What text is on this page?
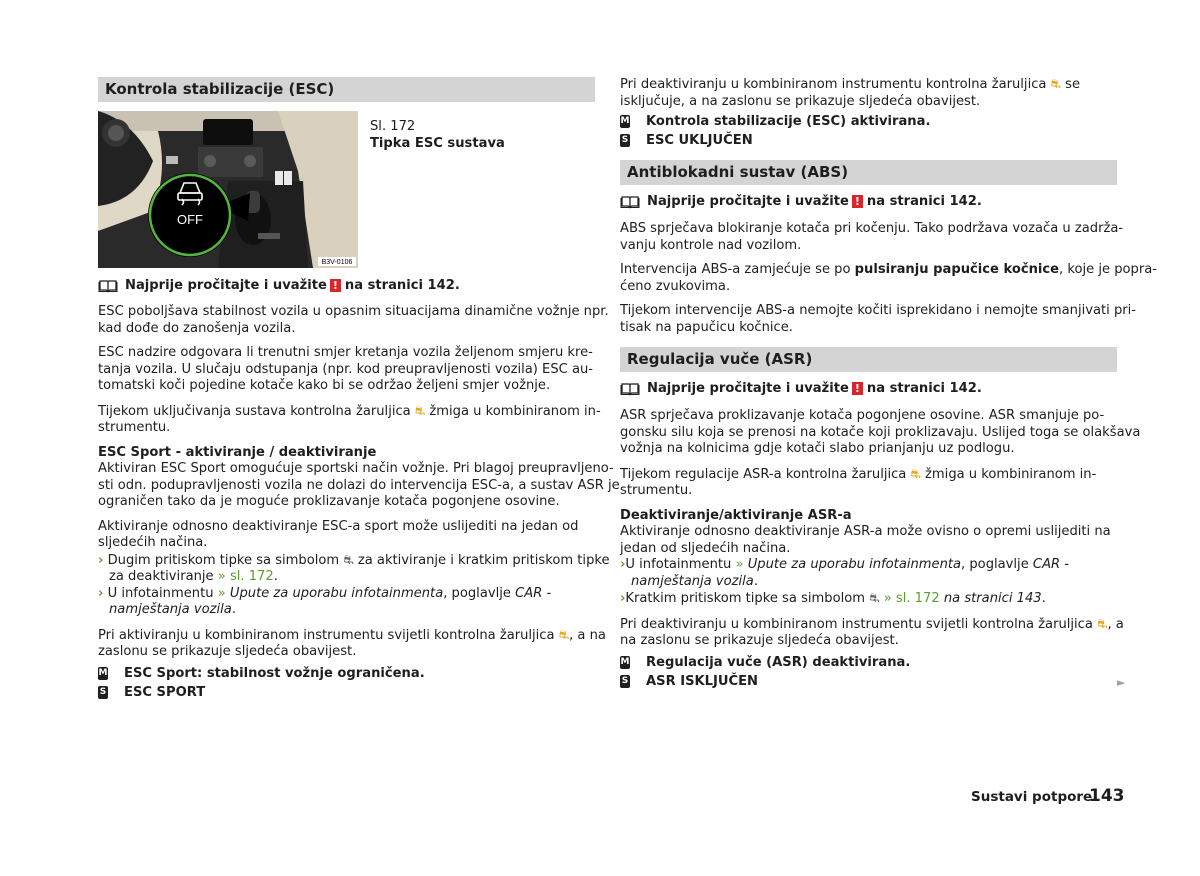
Kontrola stabilizacije (ESC)
OFF
B3V-0106

Sl. 172

Tipka ESC sustava

Najprije pročitajte i uvažite ! na stranici 142.

ESC poboljšava stabilnost vozila u opasnim situacijama dinamične vožnje npr.

kad dođe do zanošenja vozila.

ESC nadzire odgovara li trenutni smjer kretanja vozila željenom smjeru kre-

tanja vozila. U slučaju odstupanja (npr. kod preupravljenosti vozila) ESC au-

tomatski koči pojedine kotače kako bi se održao željeni smjer vožnje.

Tijekom uključivanja sustava kontrolna žaruljica ⛐ žmiga u kombiniranom in-

strumentu.

ESC Sport - aktiviranje / deaktiviranje

Aktiviran ESC Sport omogućuje sportski način vožnje. Pri blagoj preupravljeno-

sti odn. podupravljenosti vozila ne dolazi do intervencija ESC-a, a sustav ASR je

ograničen tako da je moguće proklizavanje kotača pogonjene osovine.

Aktiviranje odnosno deaktiviranje ESC-a sport može uslijediti na jedan od

sljedećih načina.

› Dugim pritiskom tipke sa simbolom ⛐ za aktiviranje i kratkim pritiskom tipke

za deaktiviranje » sl. 172.

› U infotainmentu » Upute za uporabu infotainmenta, poglavlje CAR -

namještanja vozila.

Pri aktiviranju u kombiniranom instrumentu svijetli kontrolna žaruljica ⛐, a na

zaslonu se prikazuje sljedeća obavijest.

M ESC Sport: stabilnost vožnje ograničena.
S ESC SPORT

Pri deaktiviranju u kombiniranom instrumentu kontrolna žaruljica ⛐ se

isključuje, a na zaslonu se prikazuje sljedeća obavijest.

M Kontrola stabilizacije (ESC) aktivirana.
S ESC UKLJUČEN
Antiblokadni sustav (ABS)
Najprije pročitajte i uvažite ! na stranici 142.

ABS sprječava blokiranje kotača pri kočenju. Tako podržava vozača u zadrža-

vanju kontrole nad vozilom.

Intervencija ABS-a zamjećuje se po pulsiranju papučice kočnice, koje je popra-

ćeno zvukovima.

Tijekom intervencije ABS-a nemojte kočiti isprekidano i nemojte smanjivati pri-

tisak na papučicu kočnice.

Regulacija vuče (ASR)
Najprije pročitajte i uvažite ! na stranici 142.

ASR sprječava proklizavanje kotača pogonjene osovine. ASR smanjuje po-

gonsku silu koja se prenosi na kotače koji proklizavaju. Uslijed toga se olakšava

vožnja na kolnicima gdje kotači slabo prianjanju uz podlogu.

Tijekom regulacije ASR-a kontrolna žaruljica ⛐ žmiga u kombiniranom in-

strumentu.

Deaktiviranje/aktiviranje ASR-a

Aktiviranje odnosno deaktiviranje ASR-a može ovisno o opremi uslijediti na

jedan od sljedećih načina.

›U infotainmentu » Upute za uporabu infotainmenta, poglavlje CAR -

namještanja vozila.

›Kratkim pritiskom tipke sa simbolom ⛐ » sl. 172 na stranici 143.

Pri deaktiviranju u kombiniranom instrumentu svijetli kontrolna žaruljica ⛐, a

na zaslonu se prikazuje sljedeća obavijest.

M Regulacija vuče (ASR) deaktivirana.
S ASR ISKLJUČEN	►
Sustavi potpore
143
